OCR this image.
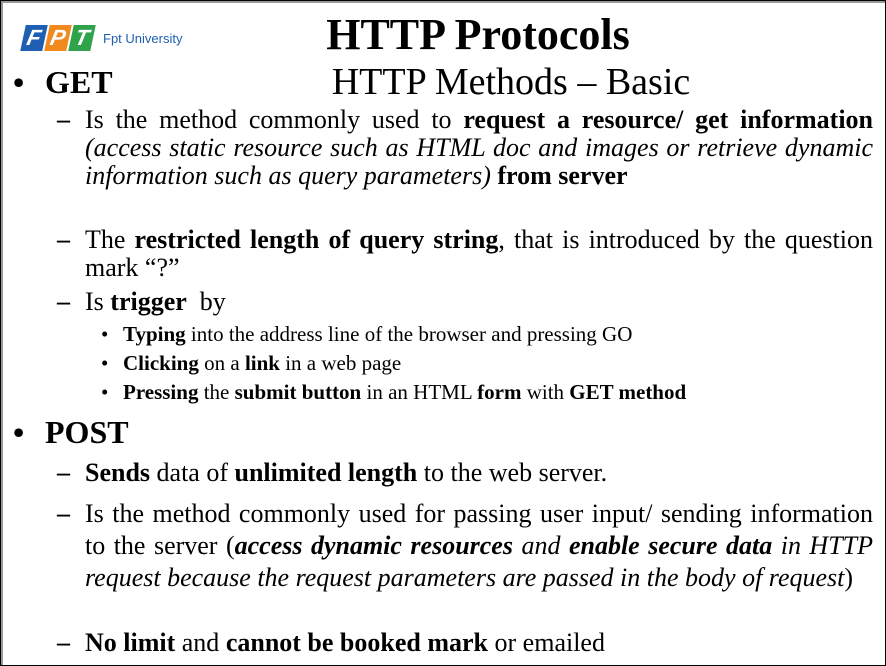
F P T Fpt University	HTTP Protocols
HTTP Methods – Basic
• GET
– Is the method commonly used to request a resource/ get information (access static resource such as HTML doc and images or retrieve dynamic information such as query parameters) from server
– The restricted length of query string, that is introduced by the question mark “?”
– Is trigger  by
• Typing into the address line of the browser and pressing GO
• Clicking on a link in a web page
• Pressing the submit button in an HTML form with GET method
• POST
– Sends data of unlimited length to the web server.
– Is the method commonly used for passing user input/ sending information to the server (access dynamic resources and enable secure data in HTTP request because the request parameters are passed in the body of request)
– No limit and cannot be booked mark or emailed
